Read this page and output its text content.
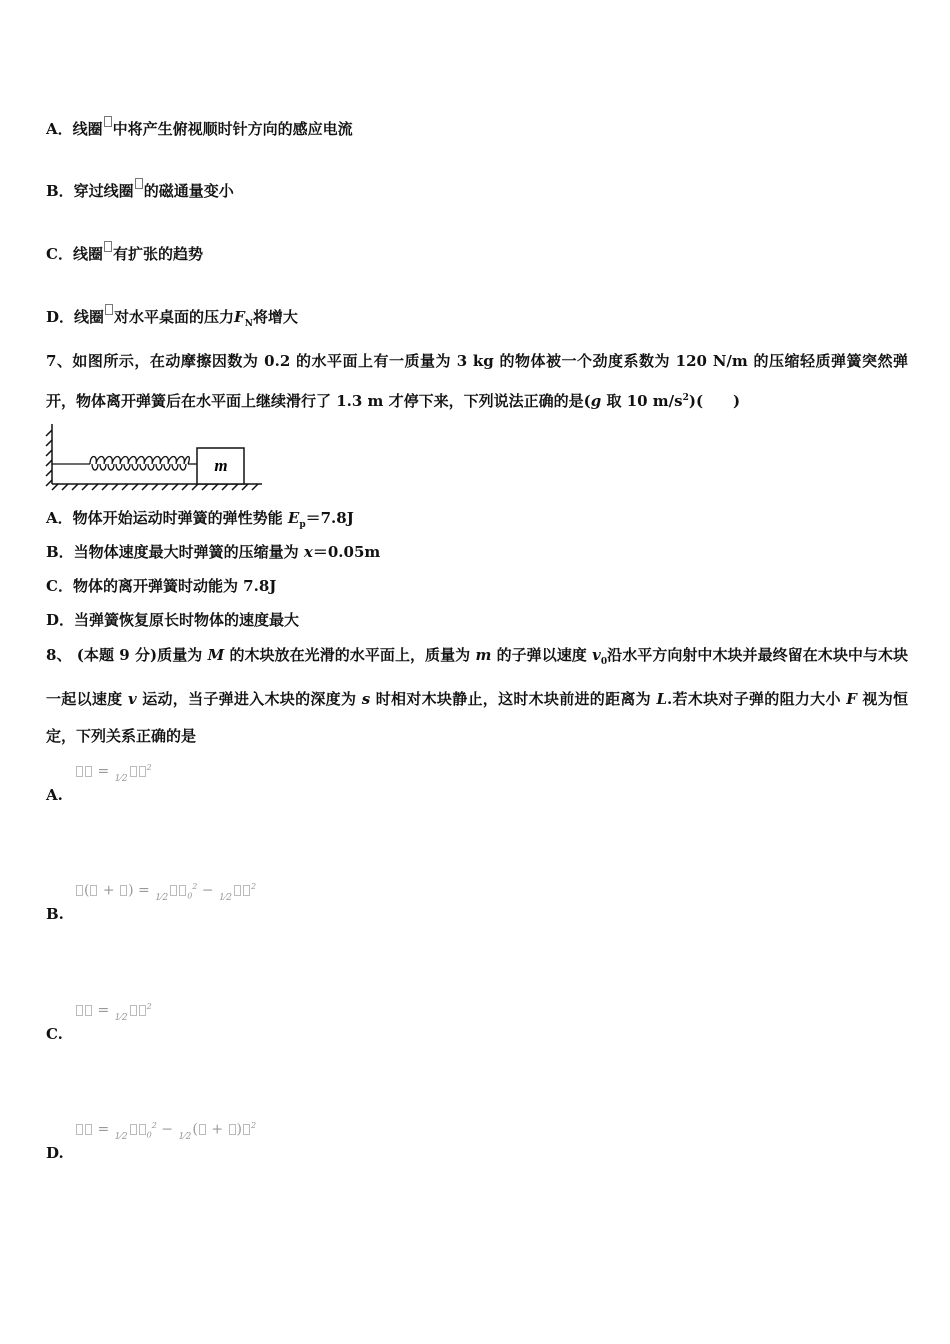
A．线圈 中将产生俯视顺时针方向的感应电流
B．穿过线圈 的磁通量变小
C．线圈 有扩张的趋势
D．线圈 对水平桌面的压力$F_N$将增大
7、如图所示，在动摩擦因数为 0.2 的水平面上有一质量为 3 kg 的物体被一个劲度系数为 120 N/m 的压缩轻质弹簧突然弹开，物体离开弹簧后在水平面上继续滑行了 1.3 m 才停下来，下列说法正确的是(g 取 10 $m/s^2$)(　　)
m
A．物体开始运动时弹簧的弹性势能 $E_p=7.8J$
B．当物体速度最大时弹簧的压缩量为 x＝0.05m
C．物体的离开弹簧时动能为 7.8J
D．当弹簧恢复原长时物体的速度最大
8、 (本题 9 分)质量为 M 的木块放在光滑的水平面上，质量为 m 的子弹以速度 $v_0$沿水平方向射中木块并最终留在木块中与木块一起以速度 v 运动，当子弹进入木块的深度为 s 时相对木块静止，这时木块前进的距离为 L.若木块对子弹的阻力大小 F 视为恒定，下列关系正确的是
= $1⁄2^2$
A.
( + ) = 1⁄2 $_0^2 - 1⁄2^2$
B.
= $1⁄2^2$
C.
= 1⁄2 $_0^2$ − 1⁄2( + ) $^2$
D.
